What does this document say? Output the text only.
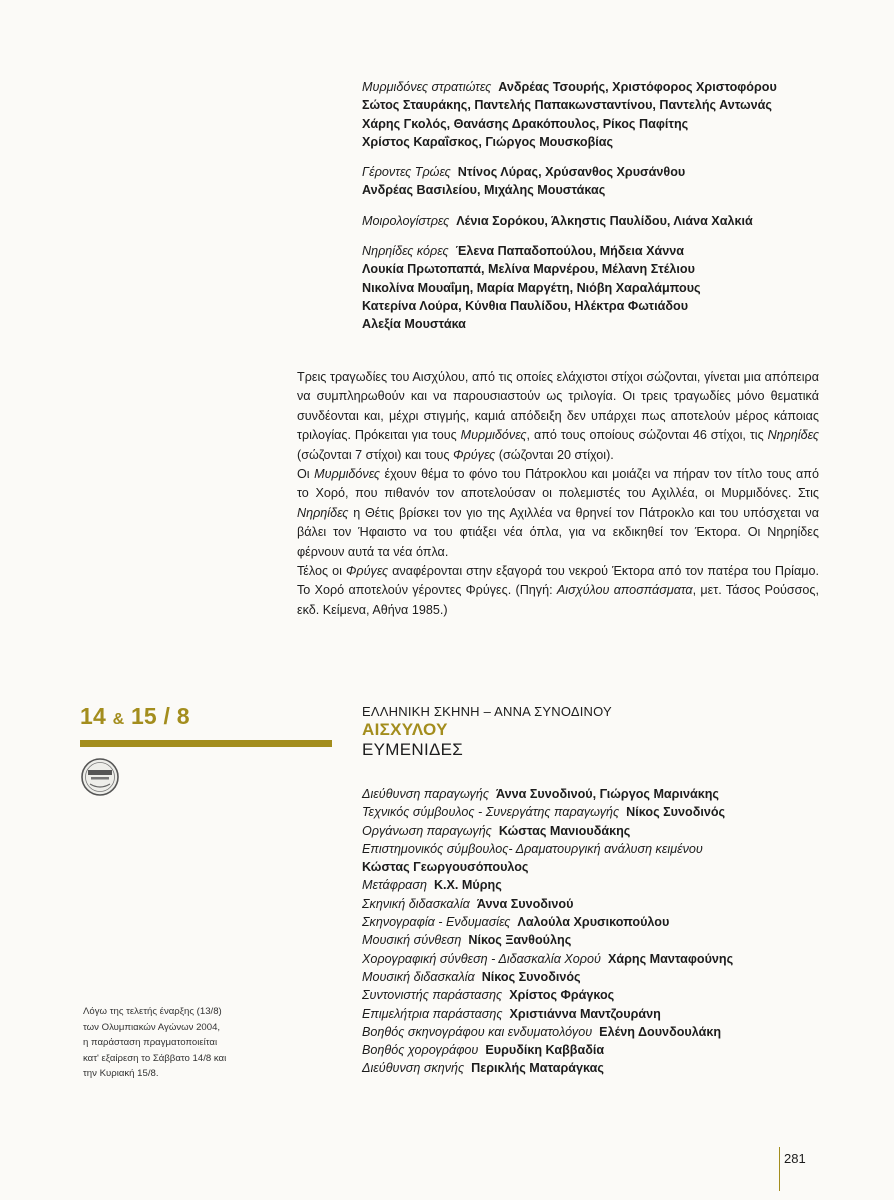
Μυρμιδόνες στρατιώτες Ανδρέας Τσουρής, Χριστόφορος Χριστοφόρου
Σώτος Σταυράκης, Παντελής Παπακωνσταντίνου, Παντελής Αντωνάς
Χάρης Γκολός, Θανάσης Δρακόπουλος, Ρίκος Παφίτης
Χρίστος Καραΐσκος, Γιώργος Μουσκοβίας
Γέροντες Τρώες Ντίνος Λύρας, Χρύσανθος Χρυσάνθου
Ανδρέας Βασιλείου, Μιχάλης Μουστάκας
Μοιρολογίστρες Λένια Σορόκου, Άλκηστις Παυλίδου, Λιάνα Χαλκιά
Νηρηίδες κόρες Έλενα Παπαδοπούλου, Μήδεια Χάννα
Λουκία Πρωτοπαπά, Μελίνα Μαρνέρου, Μέλανη Στέλιου
Νικολίνα Μουαΐμη, Μαρία Μαργέτη, Νιόβη Χαραλάμπους
Κατερίνα Λούρα, Κύνθια Παυλίδου, Ηλέκτρα Φωτιάδου
Αλεξία Μουστάκα

Τρεις τραγωδίες του Αισχύλου, από τις οποίες ελάχιστοι στίχοι σώζονται, γίνεται μια απόπειρα να συμπληρωθούν και να παρουσιαστούν ως τριλογία. Οι τρεις τραγωδίες μόνο θεματικά συνδέονται και, μέχρι στιγμής, καμιά απόδειξη δεν υπάρχει πως αποτελούν μέρος κάποιας τριλογίας. Πρόκειται για τους Μυρμιδόνες, από τους οποίους σώζονται 46 στίχοι, τις Νηρηίδες (σώζονται 7 στίχοι) και τους Φρύγες (σώζονται 20 στίχοι).

Οι Μυρμιδόνες έχουν θέμα το φόνο του Πάτροκλου και μοιάζει να πήραν τον τίτλο τους από το Χορό, που πιθανόν τον αποτελούσαν οι πολεμιστές του Αχιλλέα, οι Μυρμιδόνες. Στις Νηρηίδες η Θέτις βρίσκει τον γιο της Αχιλλέα να θρηνεί τον Πάτροκλο και του υπόσχεται να βάλει τον Ήφαιστο να του φτιάξει νέα όπλα, για να εκδικηθεί τον Έκτορα. Οι Νηρηίδες φέρνουν αυτά τα νέα όπλα.

Τέλος οι Φρύγες αναφέρονται στην εξαγορά του νεκρού Έκτορα από τον πατέρα του Πρίαμο. Το Χορό αποτελούν γέροντες Φρύγες. (Πηγή: Αισχύλου αποσπάσματα, μετ. Τάσος Ρούσσος, εκδ. Κείμενα, Αθήνα 1985.)

14 & 15 / 8	ΕΛΛΗΝΙΚΗ ΣΚΗΝΗ – ΑΝΝΑ ΣΥΝΟΔΙΝΟΥ
ΑΙΣΧΥΛΟΥ
ΕΥΜΕΝΙΔΕΣ
Διεύθυνση παραγωγής Άννα Συνοδινού, Γιώργος Μαρινάκης
Τεχνικός σύμβουλος - Συνεργάτης παραγωγής Νίκος Συνοδινός
Οργάνωση παραγωγής Κώστας Μανιουδάκης
Επιστημονικός σύμβουλος- Δραματουργική ανάλυση κειμένου
Κώστας Γεωργουσόπουλος
Μετάφραση Κ.Χ. Μύρης
Σκηνική διδασκαλία Άννα Συνοδινού
Σκηνογραφία - Ενδυμασίες Λαλούλα Χρυσικοπούλου
Μουσική σύνθεση Νίκος Ξανθούλης
Χορογραφική σύνθεση - Διδασκαλία Χορού Χάρης Μανταφούνης
Μουσική διδασκαλία Νίκος Συνοδινός
Συντονιστής παράστασης Χρίστος Φράγκος
Επιμελήτρια παράστασης Χριστιάννα Μαντζουράνη
Βοηθός σκηνογράφου και ενδυματολόγου Ελένη Δουνδουλάκη
Βοηθός χορογράφου Ευρυδίκη Καββαδία
Διεύθυνση σκηνής Περικλής Ματαράγκας
Λόγω της τελετής έναρξης (13/8)
των Ολυμπιακών Αγώνων 2004,
η παράσταση πραγματοποιείται
κατ' εξαίρεση το Σάββατο 14/8 και
την Κυριακή 15/8.
281
